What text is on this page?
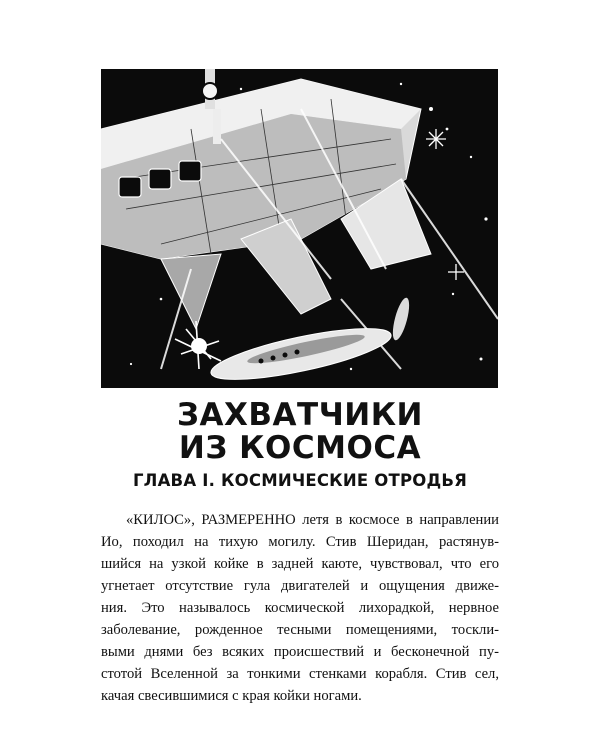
ЗАХВАТЧИКИ
ИЗ КОСМОСА
ГЛАВА I. КОСМИЧЕСКИЕ ОТРОДЬЯ
«КИЛОС», РАЗМЕРЕННО летя в космосе в направлении
Ио, походил на тихую могилу. Стив Шеридан, растянув-
шийся на узкой койке в задней каюте, чувствовал, что его
угнетает отсутствие гула двигателей и ощущения движе-
ния. Это называлось космической лихорадкой, нервное
заболевание, рожденное тесными помещениями, тоскли-
выми днями без всяких происшествий и бесконечной пу-
стотой Вселенной за тонкими стенками корабля. Стив сел,
качая свесившимися с края койки ногами.
